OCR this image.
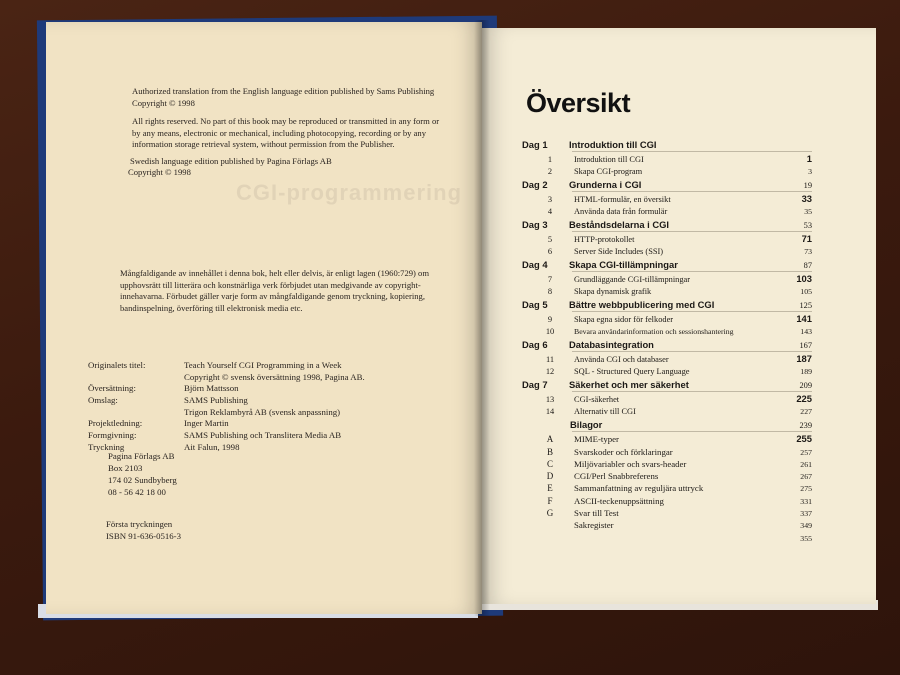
CGI-programmering

Authorized translation from the English language edition published by Sams Publishing

Copyright © 1998

All rights reserved. No part of this book may be reproduced or transmitted in any form or

by any means, electronic or mechanical, including photocopying, recording or by any

information storage retrieval system, without permission from the Publisher.

Swedish language edition published by Pagina Förlags AB

Copyright © 1998

Mångfaldigande av innehållet i denna bok, helt eller delvis, är enligt lagen (1960:729) om

upphovsrätt till litterära och konstnärliga verk förbjudet utan medgivande av copyright-

innehavarna. Förbudet gäller varje form av mångfaldigande genom tryckning, kopiering,

bandinspelning, överföring till elektronisk media etc.

Originalets titel:	Teach Yourself CGI Programming in a Week
Copyright © svensk översättning 1998, Pagina AB.
Översättning:	Björn Mattsson
Omslag:	SAMS Publishing
Trigon Reklambyrå AB (svensk anpassning)
Projektledning:	Inger Martin
Formgivning:	SAMS Publishing och Translitera Media AB
Tryckning	Ait Falun, 1998
Pagina Förlags AB
Box 2103
174 02 Sundbyberg
08 - 56 42 18 00
Första tryckningen
ISBN 91-636-0516-3
Översikt
Dag 1	Introduktion till CGI
1	Introduktion till CGI	1
2	Skapa CGI-program	3
Dag 2	Grunderna i CGI	19
3	HTML-formulär, en översikt	33
4	Använda data från formulär	35
Dag 3	Beståndsdelarna i CGI	53
5	HTTP-protokollet	71
6	Server Side Includes (SSI)	73
Dag 4	Skapa CGI-tillämpningar	87
7	Grundläggande CGI-tillämpningar	103
8	Skapa dynamisk grafik	105
Dag 5	Bättre webbpublicering med CGI	125
9	Skapa egna sidor för felkoder	141
10	Bevara användarinformation och sessionshantering	143
Dag 6	Databasintegration	167
11	Använda CGI och databaser	187
12	SQL - Structured Query Language	189
Dag 7	Säkerhet och mer säkerhet	209
13	CGI-säkerhet	225
14	Alternativ till CGI	227
Bilagor	239
A	MIME-typer	255
B	Svarskoder och förklaringar	257
C	Miljövariabler och svars-header	261
D	CGI/Perl Snabbreferens	267
E	Sammanfattning av reguljära uttryck	275
F	ASCII-teckenuppsättning	331
G	Svar till Test	337
Sakregister	349
355
